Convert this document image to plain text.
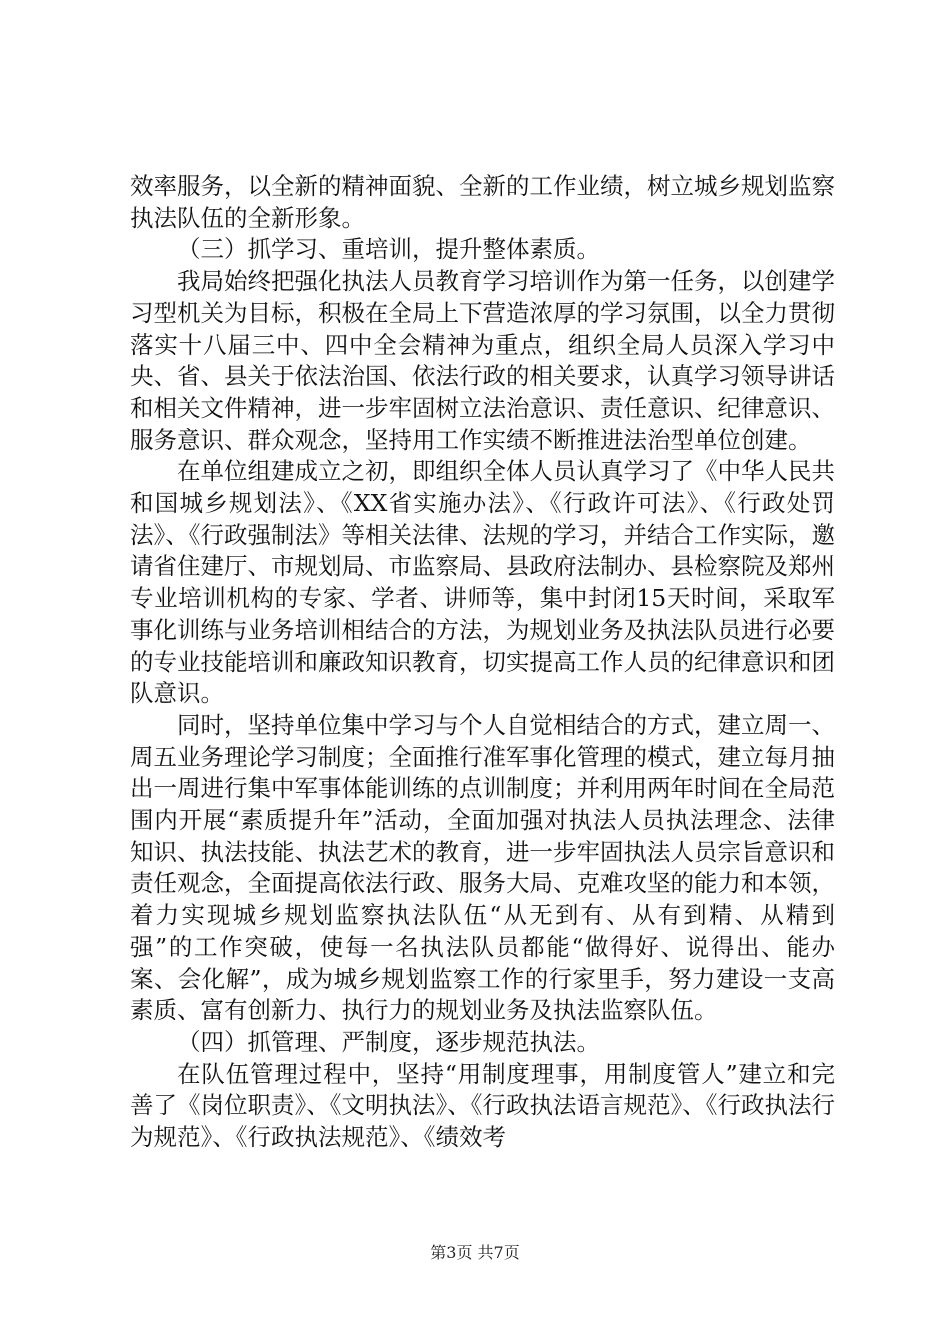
效率服务，以全新的精神面貌、全新的工作业绩，树立城乡规划监察执法队伍的全新形象。

（三）抓学习、重培训，提升整体素质。

我局始终把强化执法人员教育学习培训作为第一任务，以创建学习型机关为目标，积极在全局上下营造浓厚的学习氛围，以全力贯彻落实十八届三中、四中全会精神为重点，组织全局人员深入学习中央、省、县关于依法治国、依法行政的相关要求，认真学习领导讲话和相关文件精神，进一步牢固树立法治意识、责任意识、纪律意识、服务意识、群众观念，坚持用工作实绩不断推进法治型单位创建。

在单位组建成立之初，即组织全体人员认真学习了《中华人民共和国城乡规划法》、《XX省实施办法》、《行政许可法》、《行政处罚法》、《行政强制法》等相关法律、法规的学习，并结合工作实际，邀请省住建厅、市规划局、市监察局、县政府法制办、县检察院及郑州专业培训机构的专家、学者、讲师等，集中封闭15天时间，采取军事化训练与业务培训相结合的方法，为规划业务及执法队员进行必要的专业技能培训和廉政知识教育，切实提高工作人员的纪律意识和团队意识。

同时，坚持单位集中学习与个人自觉相结合的方式，建立周一、周五业务理论学习制度；全面推行准军事化管理的模式，建立每月抽出一周进行集中军事体能训练的点训制度；并利用两年时间在全局范围内开展“素质提升年”活动，全面加强对执法人员执法理念、法律知识、执法技能、执法艺术的教育，进一步牢固执法人员宗旨意识和责任观念，全面提高依法行政、服务大局、克难攻坚的能力和本领，着力实现城乡规划监察执法队伍“从无到有、从有到精、从精到强”的工作突破，使每一名执法队员都能“做得好、说得出、能办案、会化解”，成为城乡规划监察工作的行家里手，努力建设一支高素质、富有创新力、执行力的规划业务及执法监察队伍。

（四）抓管理、严制度，逐步规范执法。

在队伍管理过程中，坚持“用制度理事，用制度管人”建立和完善了《岗位职责》、《文明执法》、《行政执法语言规范》、《行政执法行为规范》、《行政执法规范》、《绩效考

第3页 共7页
